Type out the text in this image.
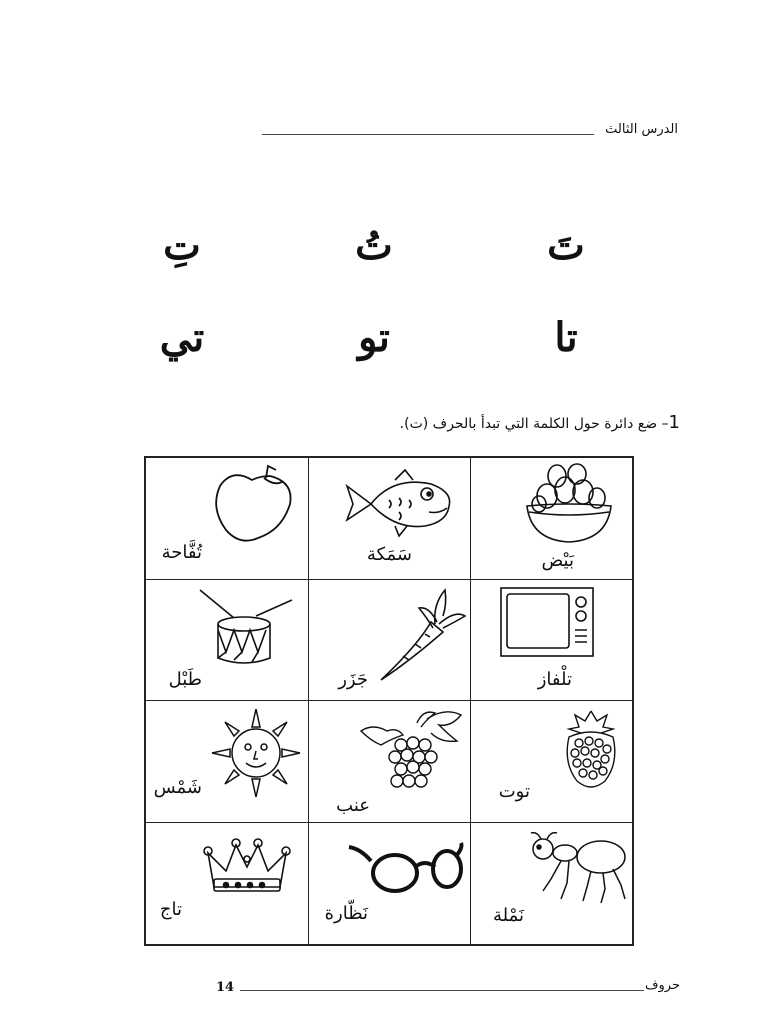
الدرس الثالث
تَ
تُ
تِ
تا
تو
تي
1– ضع دائرة حول الكلمة التي تبدأ بالحرف (ت).
بَيْض
سَمَكة
تُفَّاحة
تلْفاز
جَزَر
طَبْل
توت
عنب
شَمْس
نَمْلة
نَظّارة
تاج
14	حروف
